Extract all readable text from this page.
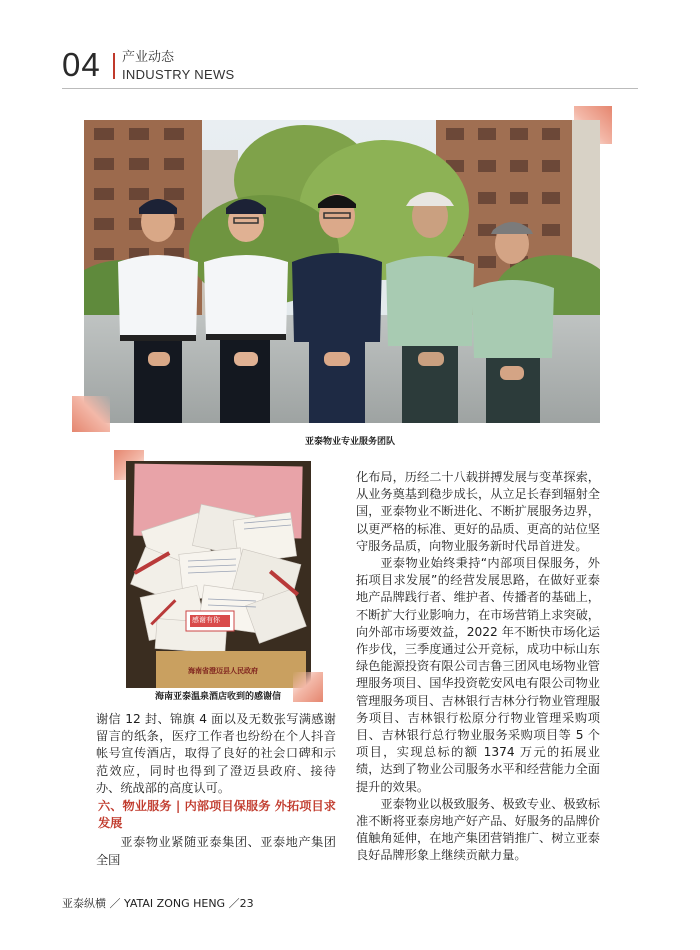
04 产业动态
INDUSTRY NEWS
亚泰物业专业服务团队
感谢有你
海南省澄迈县人民政府
海南亚泰温泉酒店收到的感谢信

谢信 12 封、锦旗 4 面以及无数张写满感谢留言的纸条，医疗工作者也纷纷在个人抖音帐号宣传酒店，取得了良好的社会口碑和示范效应，同时也得到了澄迈县政府、接待办、统战部的高度认可。

六、物业服务 | 内部项目保服务 外拓项目求发展

亚泰物业紧随亚泰集团、亚泰地产集团全国

化布局，历经二十八载拼搏发展与变革探索，从业务奠基到稳步成长，从立足长春到辐射全国，亚泰物业不断进化、不断扩展服务边界，以更严格的标准、更好的品质、更高的站位坚守服务品质，向物业服务新时代昂首进发。

亚泰物业始终秉持“内部项目保服务，外拓项目求发展”的经营发展思路，在做好亚泰地产品牌践行者、维护者、传播者的基础上，不断扩大行业影响力，在市场营销上求突破，向外部市场要效益，2022 年不断快市场化运作步伐，三季度通过公开竞标，成功中标山东绿色能源投资有限公司吉鲁三团风电场物业管理服务项目、国华投资乾安风电有限公司物业管理服务项目、吉林银行吉林分行物业管理服务项目、吉林银行松原分行物业管理采购项目、吉林银行总行物业服务采购项目等 5 个项目，实现总标的额 1374 万元的拓展业绩，达到了物业公司服务水平和经营能力全面提升的效果。

亚泰物业以极致服务、极致专业、极致标准不断将亚泰房地产好产品、好服务的品牌价值触角延伸，在地产集团营销推广、树立亚泰良好品牌形象上继续贡献力量。

亚泰纵横 ／ YATAI ZONG HENG ／23
